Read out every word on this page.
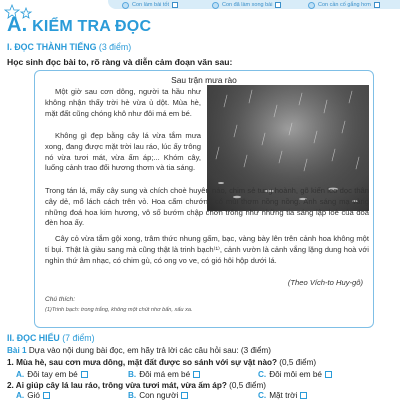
Con làm bài tốt	Con đã làm xong bài	Con cần cố gắng hơn
A. KIỂM TRA ĐỌC
I. ĐỌC THÀNH TIẾNG (3 điểm)
Học sinh đọc bài to, rõ ràng và diễn cảm đoạn văn sau:
Sau trận mưa rào
Một giờ sau cơn dông, người ta hầu như không nhận thấy trời hè vừa ủ dột. Mùa hè, mặt đất cũng chóng khô như đôi má em bé.
Không gì đẹp bằng cây lá vừa tắm mưa xong, đang được mặt trời lau ráo, lúc ấy trông nó vừa tươi mát, vừa ấm áp;... Khóm cây, luống cảnh trao đổi hương thơm và tia sáng.
Trong tán lá, mấy cây sung và chích choè huyên náo, chim sẻ tung hoành, gõ kiến leo dọc thân cây dẻ, mổ lách cách trên vỏ. Hoa cẩm chướng có mùi thơm nồng nồng. Ánh sáng mạ vàng những đoá hoa kim hương, vô số bướm chập chờn trông như những tia sáng lập loè của đoá đèn hoa ấy.
Cây cỏ vừa tắm gội xong, trâm thức nhung gấm, bạc, vàng bày lên trên cảnh hoa không một tí bụi. Thật là giàu sang mà cũng thật là trinh bạch⁽¹⁾, cảnh vườn là cảnh vắng lặng dung hoà với nghìn thứ âm nhạc, có chim gù, có ong vo ve, có gió hôi hộp dưới lá.
(Theo Vích-to Huy-gô)
Chú thích:
(1)Trinh bạch: trong trắng, không một chút nhơ bẩn, xấu xa.
II. ĐỌC HIỂU (7 điểm)
Bài 1 Dựa vào nội dung bài đọc, em hãy trả lời các câu hỏi sau: (3 điểm)
1. Mùa hè, sau cơn mưa dông, mặt đất được so sánh với sự vật nào? (0,5 điểm)
A. Đôi tay em bé	B. Đôi má em bé	C. Đôi môi em bé
2. Ai giúp cây lá lau ráo, trông vừa tươi mát, vừa ấm áp? (0,5 điểm)
A. Gió	B. Con người	C. Mặt trời
